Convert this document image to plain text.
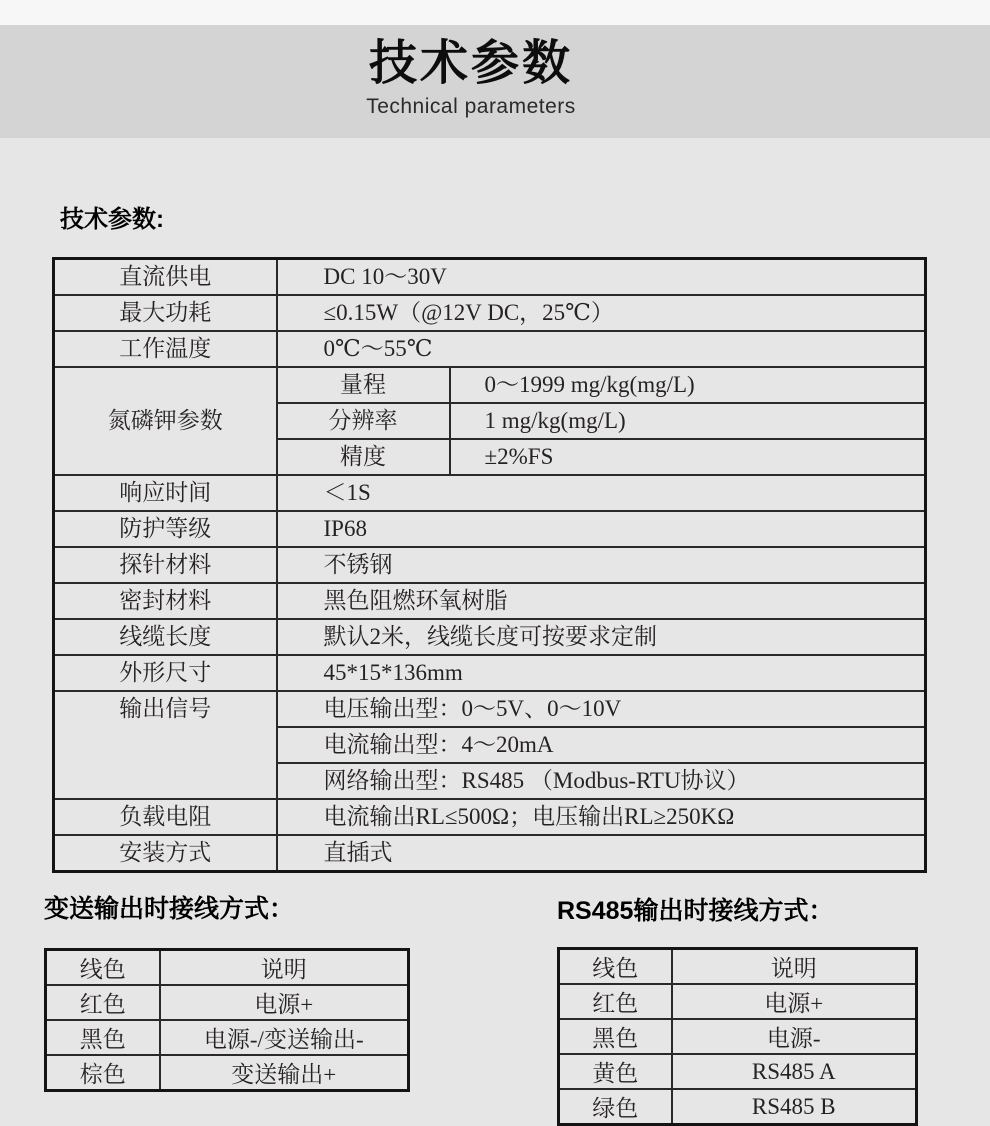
技术参数
Technical parameters
技术参数:
直流供电	DC 10～30V	
最大功耗	≤0.15W（@12V DC，25℃）	
工作温度	0℃～55℃	
氮磷钾参数	量程	0～1999 mg/kg(mg/L)
	分辨率	1 mg/kg(mg/L)
	精度	±2%FS
响应时间	＜1S	
防护等级	IP68	
探针材料	不锈钢	
密封材料	黑色阻燃环氧树脂	
线缆长度	默认2米，线缆长度可按要求定制	
外形尺寸	45*15*136mm	
输出信号	电压输出型：0～5V、0～10V	
	电流输出型：4～20mA	
	网络输出型：RS485 （Modbus-RTU协议）	
负载电阻	电流输出RL≤500Ω；电压输出RL≥250KΩ	
安装方式	直插式	
变送输出时接线方式：
线色	说明
红色	电源+
黑色	电源-/变送输出-
棕色	变送输出+
RS485输出时接线方式：
线色	说明
红色	电源+
黑色	电源-
黄色	RS485 A
绿色	RS485 B
